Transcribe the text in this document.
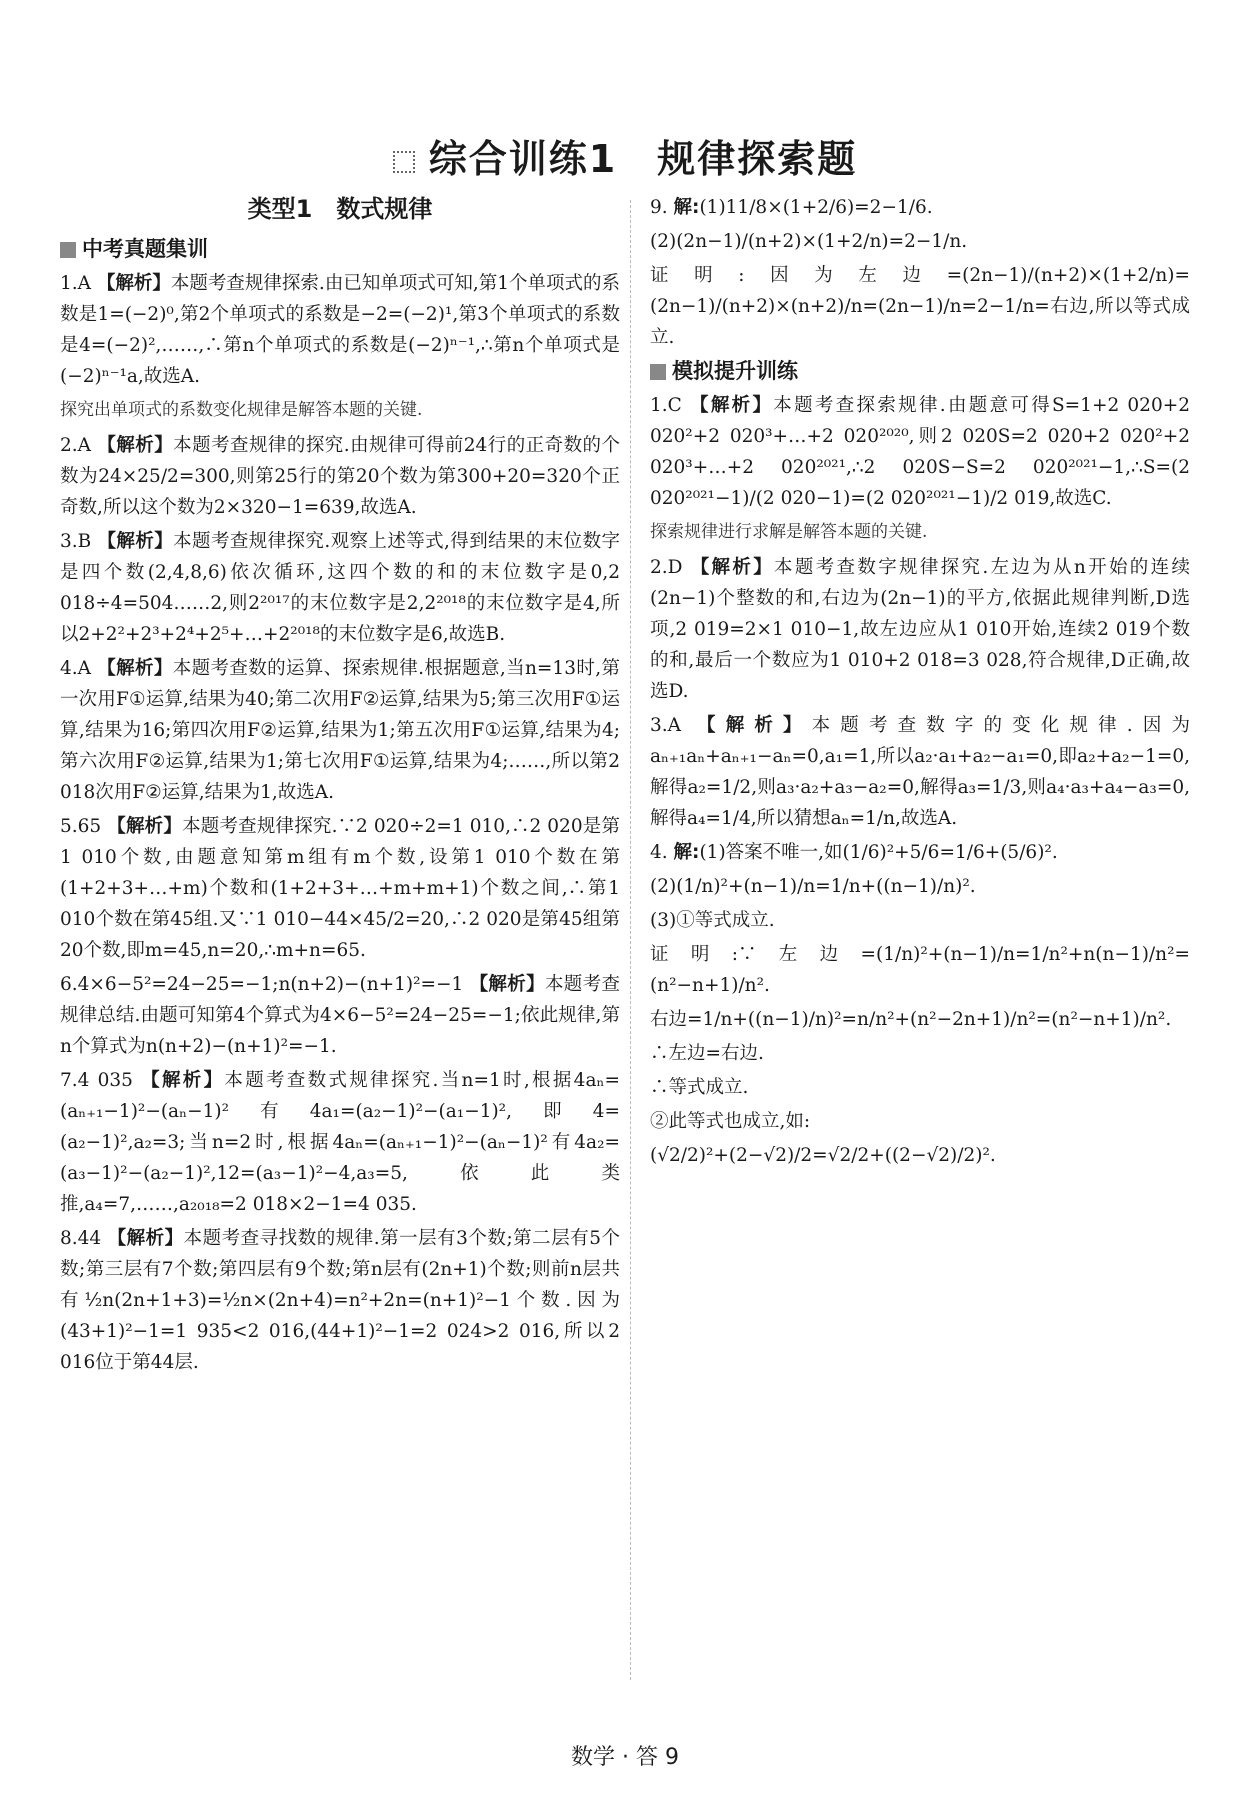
综合训练1　规律探索题
类型1　数式规律
中考真题集训
1.A 【解析】本题考查规律探索.由已知单项式可知,第1个单项式的系数是1=(−2)⁰,第2个单项式的系数是−2=(−2)¹,第3个单项式的系数是4=(−2)²,……,∴第n个单项式的系数是(−2)ⁿ⁻¹,∴第n个单项式是(−2)ⁿ⁻¹a,故选A.
探究出单项式的系数变化规律是解答本题的关键.
2.A 【解析】本题考查规律的探究.由规律可得前24行的正奇数的个数为24×25/2=300,则第25行的第20个数为第300+20=320个正奇数,所以这个数为2×320−1=639,故选A.
3.B 【解析】本题考查规律探究.观察上述等式,得到结果的末位数字是四个数(2,4,8,6)依次循环,这四个数的和的末位数字是0,2 018÷4=504……2,则2²⁰¹⁷的末位数字是2,2²⁰¹⁸的末位数字是4,所以2+2²+2³+2⁴+2⁵+…+2²⁰¹⁸的末位数字是6,故选B.
4.A 【解析】本题考查数的运算、探索规律.根据题意,当n=13时,第一次用F①运算,结果为40;第二次用F②运算,结果为5;第三次用F①运算,结果为16;第四次用F②运算,结果为1;第五次用F①运算,结果为4;第六次用F②运算,结果为1;第七次用F①运算,结果为4;……,所以第2 018次用F②运算,结果为1,故选A.
5.65 【解析】本题考查规律探究.∵2 020÷2=1 010,∴2 020是第1 010个数,由题意知第m组有m个数,设第1 010个数在第(1+2+3+…+m)个数和(1+2+3+…+m+m+1)个数之间,∴第1 010个数在第45组.又∵1 010−44×45/2=20,∴2 020是第45组第20个数,即m=45,n=20,∴m+n=65.
6.4×6−5²=24−25=−1;n(n+2)−(n+1)²=−1 【解析】本题考查规律总结.由题可知第4个算式为4×6−5²=24−25=−1;依此规律,第n个算式为n(n+2)−(n+1)²=−1.
7.4 035 【解析】本题考查数式规律探究.当n=1时,根据4aₙ=(aₙ₊₁−1)²−(aₙ−1)²有4a₁=(a₂−1)²−(a₁−1)²,即4=(a₂−1)²,a₂=3;当n=2时,根据4aₙ=(aₙ₊₁−1)²−(aₙ−1)²有4a₂=(a₃−1)²−(a₂−1)²,12=(a₃−1)²−4,a₃=5,依此类推,a₄=7,……,a₂₀₁₈=2 018×2−1=4 035.
8.44 【解析】本题考查寻找数的规律.第一层有3个数;第二层有5个数;第三层有7个数;第四层有9个数;第n层有(2n+1)个数;则前n层共有½n(2n+1+3)=½n×(2n+4)=n²+2n=(n+1)²−1个数.因为(43+1)²−1=1 935<2 016,(44+1)²−1=2 024>2 016,所以2 016位于第44层.
9. 解:(1)11/8×(1+2/6)=2−1/6.
(2)(2n−1)/(n+2)×(1+2/n)=2−1/n.
证明:因为左边=(2n−1)/(n+2)×(1+2/n)=(2n−1)/(n+2)×(n+2)/n=(2n−1)/n=2−1/n=右边,所以等式成立.
模拟提升训练
1.C 【解析】本题考查探索规律.由题意可得S=1+2 020+2 020²+2 020³+…+2 020²⁰²⁰,则2 020S=2 020+2 020²+2 020³+…+2 020²⁰²¹,∴2 020S−S=2 020²⁰²¹−1,∴S=(2 020²⁰²¹−1)/(2 020−1)=(2 020²⁰²¹−1)/2 019,故选C.
探索规律进行求解是解答本题的关键.
2.D 【解析】本题考查数字规律探究.左边为从n开始的连续(2n−1)个整数的和,右边为(2n−1)的平方,依据此规律判断,D选项,2 019=2×1 010−1,故左边应从1 010开始,连续2 019个数的和,最后一个数应为1 010+2 018=3 028,符合规律,D正确,故选D.
3.A 【解析】本题考查数字的变化规律.因为aₙ₊₁aₙ+aₙ₊₁−aₙ=0,a₁=1,所以a₂·a₁+a₂−a₁=0,即a₂+a₂−1=0,解得a₂=1/2,则a₃·a₂+a₃−a₂=0,解得a₃=1/3,则a₄·a₃+a₄−a₃=0,解得a₄=1/4,所以猜想aₙ=1/n,故选A.
4. 解:(1)答案不唯一,如(1/6)²+5/6=1/6+(5/6)².
(2)(1/n)²+(n−1)/n=1/n+((n−1)/n)².
(3)①等式成立.
证明:∵左边=(1/n)²+(n−1)/n=1/n²+n(n−1)/n²=(n²−n+1)/n².
右边=1/n+((n−1)/n)²=n/n²+(n²−2n+1)/n²=(n²−n+1)/n².
∴左边=右边.
∴等式成立.
②此等式也成立,如:
(√2/2)²+(2−√2)/2=√2/2+((2−√2)/2)².
数学 · 答 9
